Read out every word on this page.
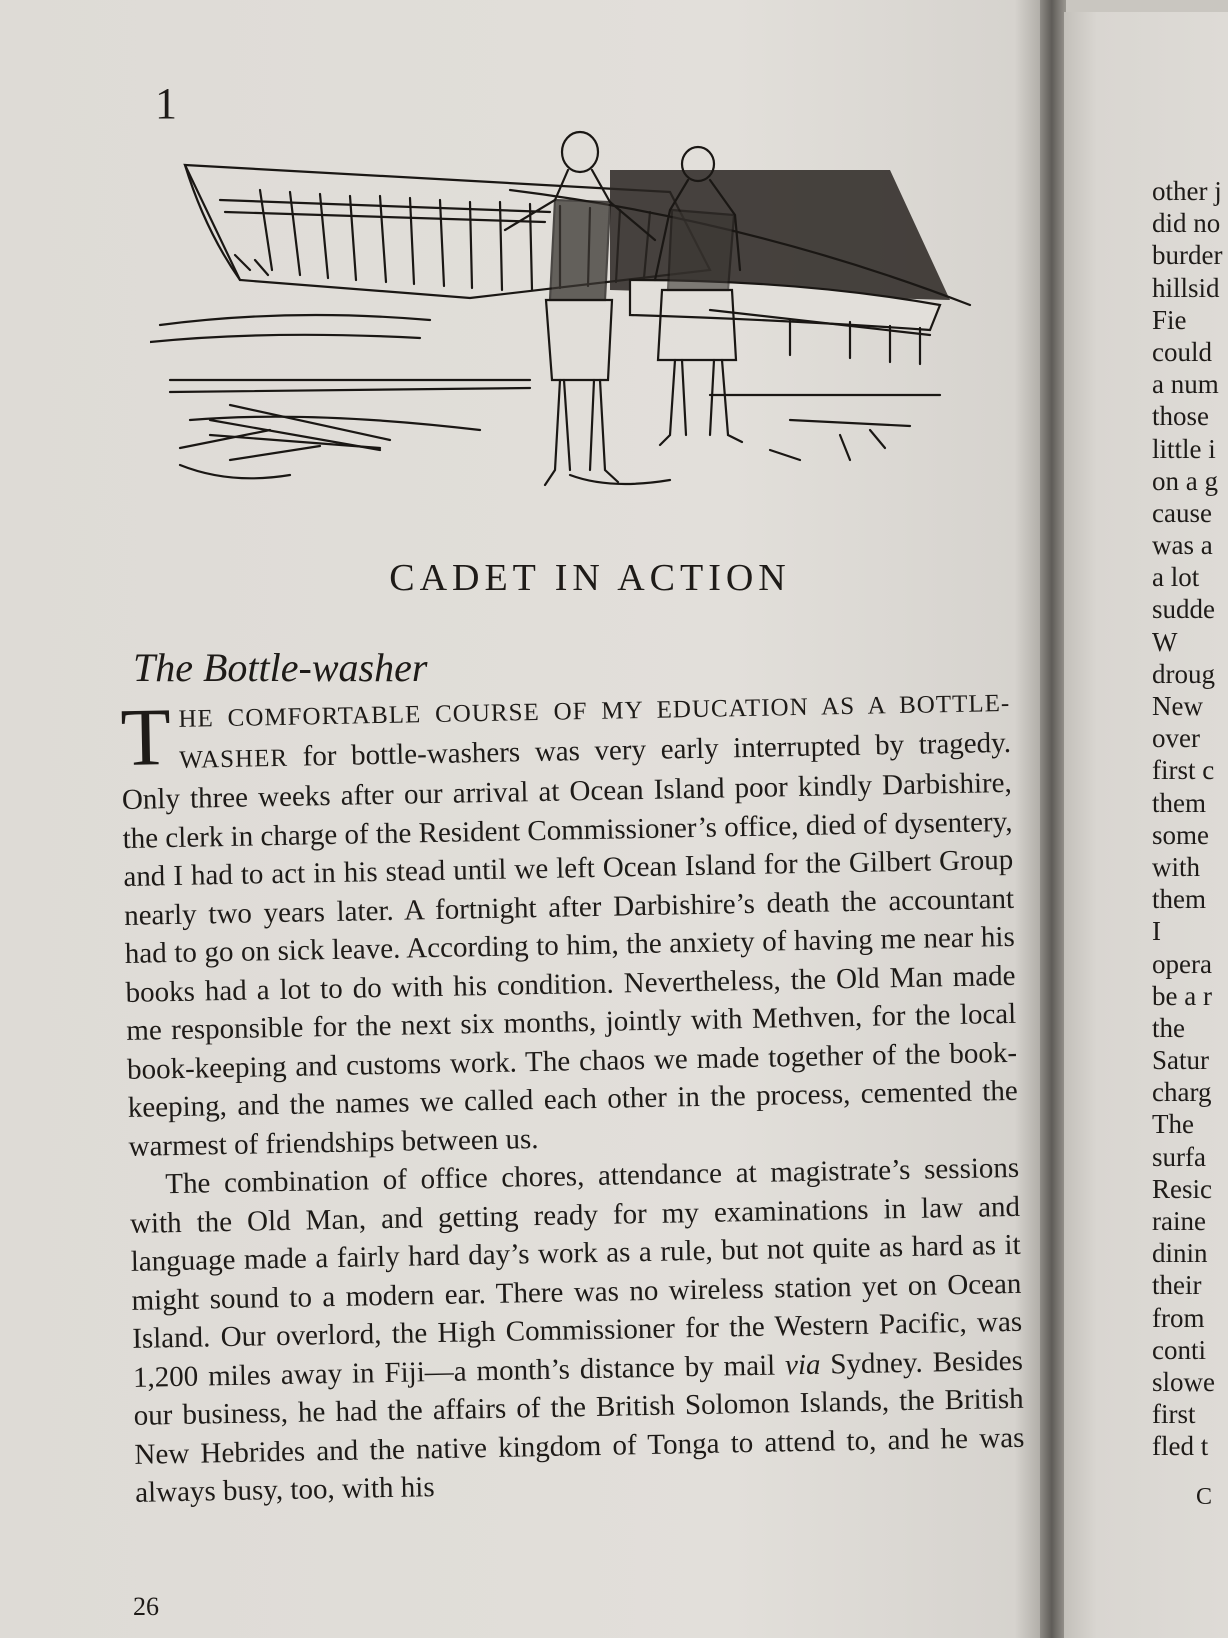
1
CADET IN ACTION
The Bottle-washer

THE COMFORTABLE COURSE OF MY EDUCATION AS A BOTTLE-WASHER for bottle-washers was very early interrupted by tragedy. Only three weeks after our arrival at Ocean Island poor kindly Darbishire, the clerk in charge of the Resident Commissioner’s office, died of dysentery, and I had to act in his stead until we left Ocean Island for the Gilbert Group nearly two years later. A fortnight after Darbishire’s death the accountant had to go on sick leave. According to him, the anxiety of having me near his books had a lot to do with his condition. Nevertheless, the Old Man made me responsible for the next six months, jointly with Methven, for the local book-keeping and customs work. The chaos we made together of the book-keeping, and the names we called each other in the process, cemented the warmest of friendships between us.

The combination of office chores, attendance at magistrate’s sessions with the Old Man, and getting ready for my examinations in law and language made a fairly hard day’s work as a rule, but not quite as hard as it might sound to a modern ear. There was no wireless station yet on Ocean Island. Our overlord, the High Commissioner for the Western Pacific, was 1,200 miles away in Fiji—a month’s distance by mail via Sydney. Besides our business, he had the affairs of the British Solomon Islands, the British New Hebrides and the native kingdom of Tonga to attend to, and he was always busy, too, with his

26
other j
did no
burder
hillsid
Fie
could
a num
those
little i
on a g
cause
was a
a lot
sudde
W
droug
New
over
first c
them
some
with
them
I
opera
be a r
the
Satur
charg
The
surfa
Resic
raine
dinin
their
from
conti
slowe
first
fled t
C
